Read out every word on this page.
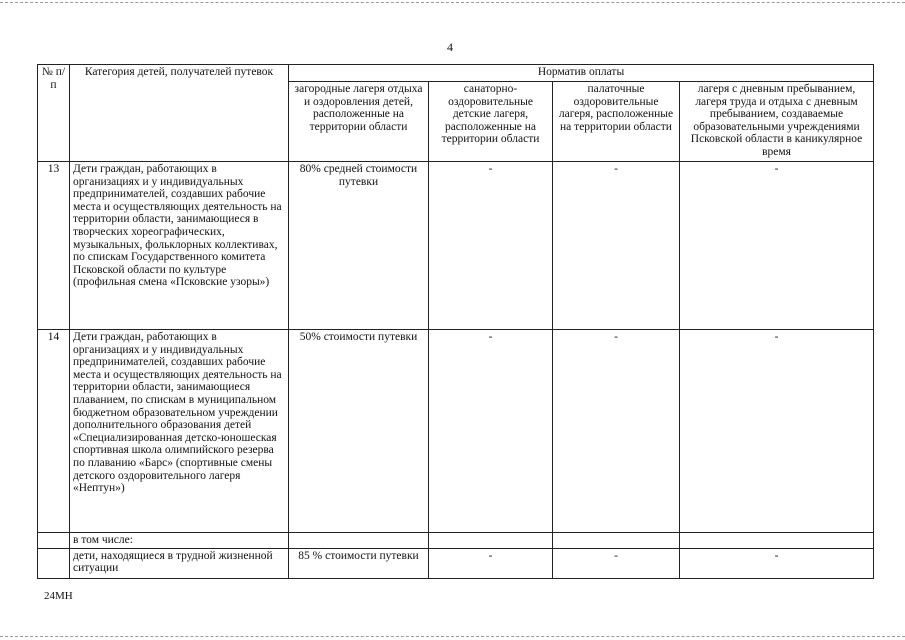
4
№ п/п	Категория детей, получателей путевок	Норматив оплаты			
		загородные лагеря отдыха и оздоровления детей, расположенные на территории области	санаторно-оздоровительные детские лагеря, расположенные на территории области	палаточные оздоровительные лагеря, расположенные на территории области	лагеря с дневным пребыванием, лагеря труда и отдыха с дневным пребыванием, создаваемые образовательными учреждениями Псковской области в каникулярное время
13	Дети граждан, работающих в организациях и у индивидуальных предпринимателей, создавших рабочие места и осуществляющих деятельность на территории области, занимающиеся в творческих хореографических, музыкальных, фольклорных коллективах, по спискам Государственного комитета Псковской области по культуре (профильная смена «Псковские узоры»)	80% средней стоимости путевки	-	-	-
14	Дети граждан, работающих в организациях и у индивидуальных предпринимателей, создавших рабочие места и осуществляющих деятельность на территории области, занимающиеся плаванием, по спискам в муниципальном бюджетном образовательном учреждении дополнительного образования детей «Специализированная детско-юношеская спортивная школа олимпийского резерва по плаванию «Барс» (спортивные смены детского оздоровительного лагеря «Нептун»)	50% стоимости путевки	-	-	-
	в том числе:				
	дети, находящиеся в трудной жизненной ситуации	85 % стоимости путевки	-	-	-
24МН
